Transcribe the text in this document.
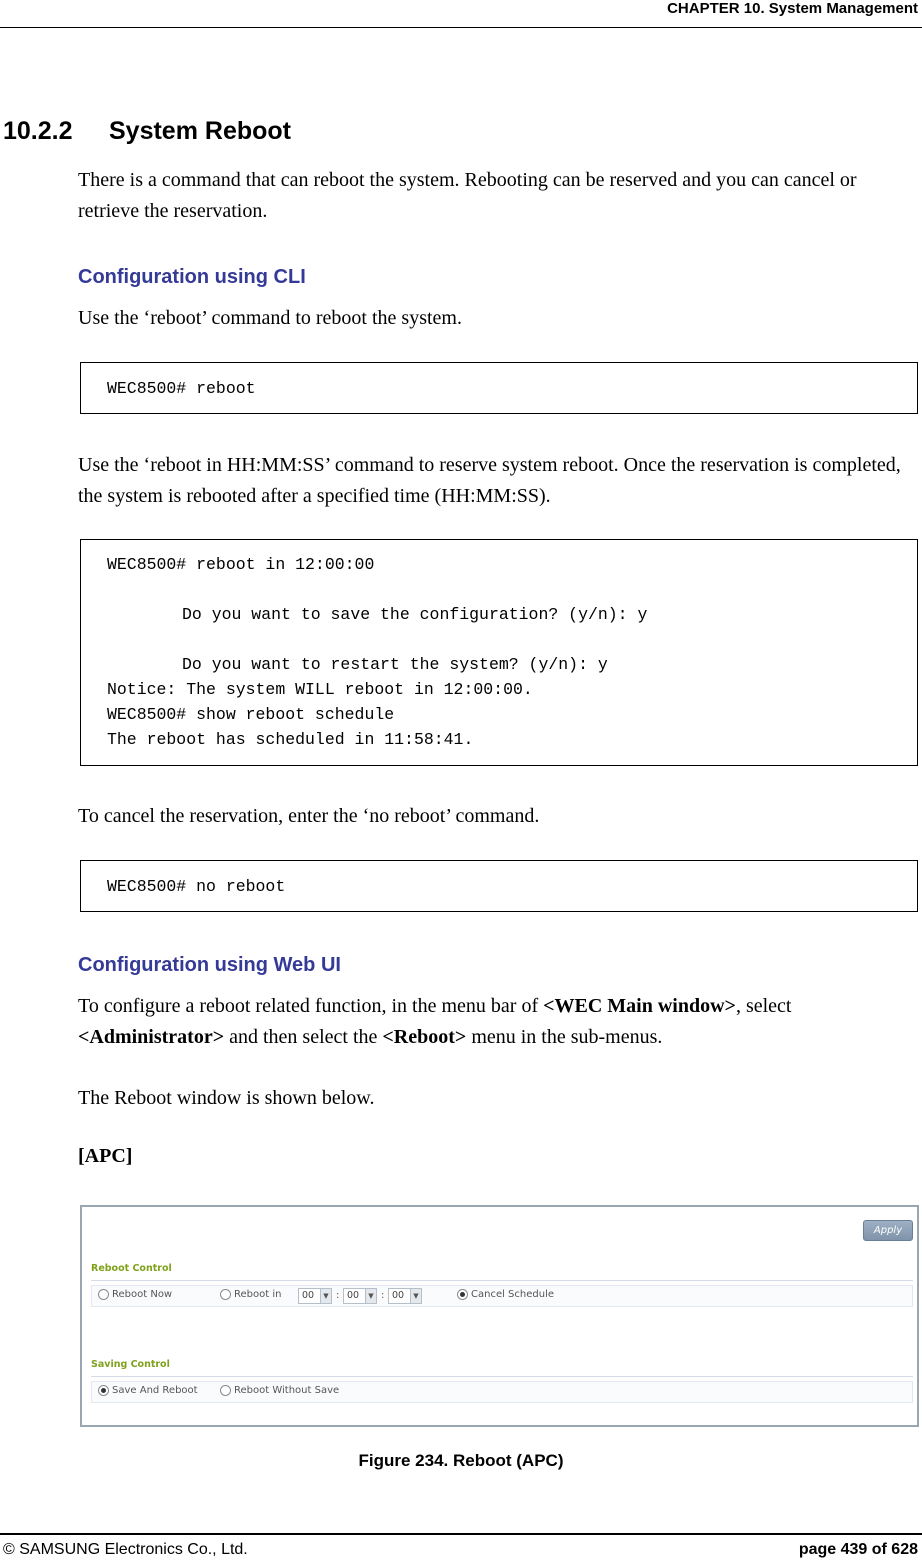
CHAPTER 10. System Management
10.2.2 System Reboot
There is a command that can reboot the system. Rebooting can be reserved and you can cancel or retrieve the reservation.
Configuration using CLI
Use the ‘reboot’ command to reboot the system.
WEC8500# reboot
Use the ‘reboot in HH:MM:SS’ command to reserve system reboot. Once the reservation is completed, the system is rebooted after a specified time (HH:MM:SS).
WEC8500# reboot in 12:00:00
Do you want to save the configuration? (y/n): y
Do you want to restart the system? (y/n): y
Notice: The system WILL reboot in 12:00:00.
WEC8500# show reboot schedule
The reboot has scheduled in 11:58:41.
To cancel the reservation, enter the ‘no reboot’ command.
WEC8500# no reboot
Configuration using Web UI
To configure a reboot related function, in the menu bar of <WEC Main window>, select <Administrator> and then select the <Reboot> menu in the sub-menus.
The Reboot window is shown below.
[APC]
Apply
Reboot Control
Reboot Now	Reboot in	00	▼ : 00	▼ : 00	▼	Cancel Schedule
Saving Control
Save And Reboot	Reboot Without Save
Figure 234. Reboot (APC)
© SAMSUNG Electronics Co., Ltd.	page 439 of 628
